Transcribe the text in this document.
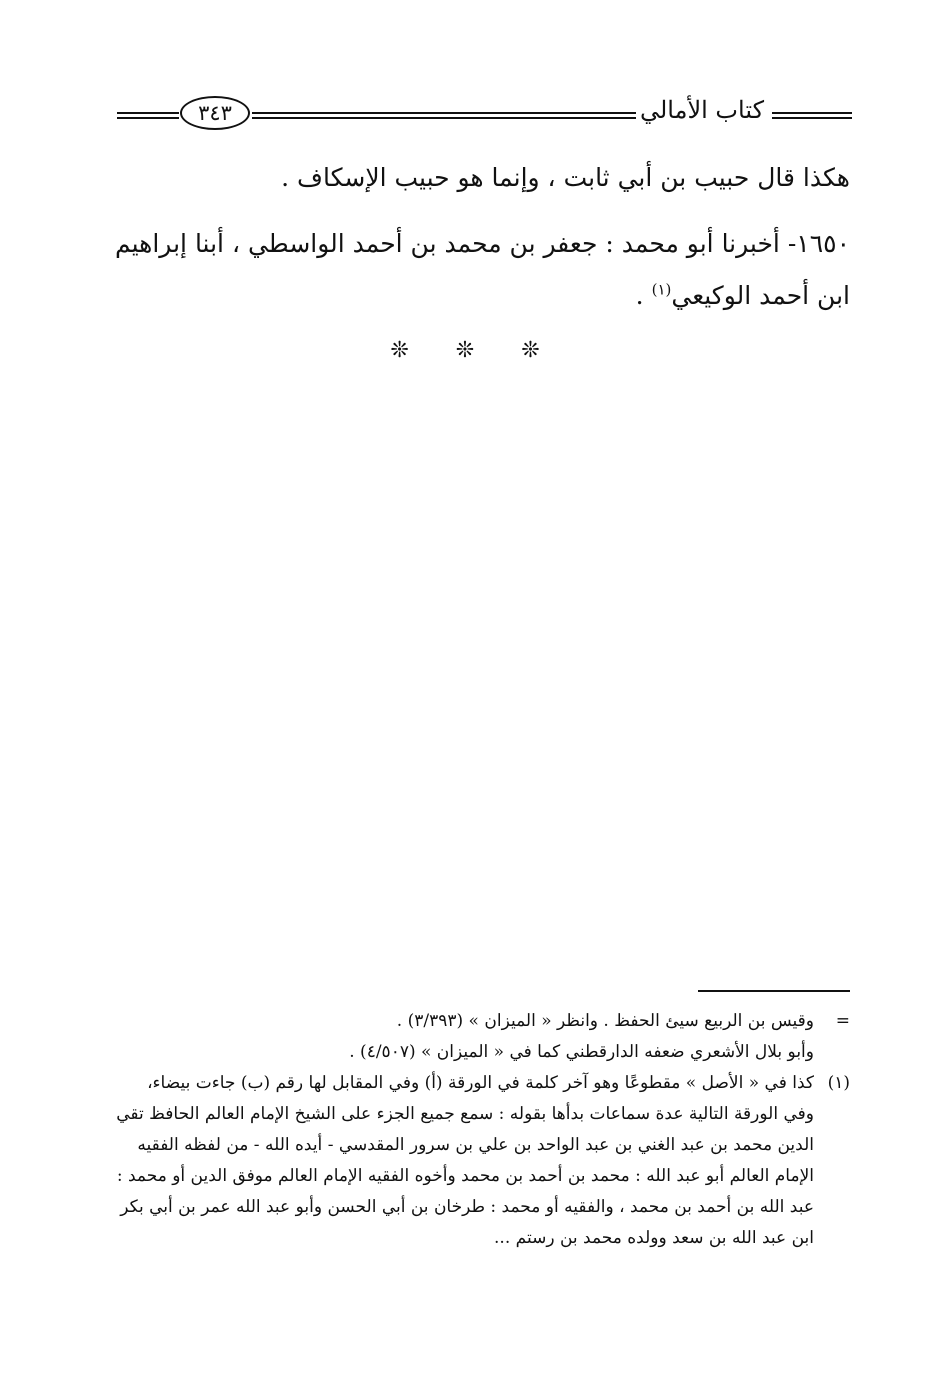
كتاب الأمالي
٣٤٣
هكذا قال حبيب بن أبي ثابت ، وإنما هو حبيب الإسكاف .
١٦٥٠- أخبرنا أبو محمد : جعفر بن محمد بن أحمد الواسطي ، أبنا إبراهيم
ابن أحمد الوكيعي$^{(١)}$ .
❊ ❊ ❊
=
وقيس بن الربيع سيئ الحفظ . وانظر « الميزان » (٣/٣٩٣) .
وأبو بلال الأشعري ضعفه الدارقطني كما في « الميزان » (٤/٥٠٧) .
(١)
كذا في « الأصل » مقطوعًا وهو آخر كلمة في الورقة (أ) وفي المقابل لها رقم (ب) جاءت بيضاء،
وفي الورقة التالية عدة سماعات بدأها بقوله : سمع جميع الجزء على الشيخ الإمام العالم الحافظ تقي
الدين محمد بن عبد الغني بن عبد الواحد بن علي بن سرور المقدسي - أيده الله - من لفظه الفقيه
الإمام العالم أبو عبد الله : محمد بن أحمد بن محمد وأخوه الفقيه الإمام العالم موفق الدين أو محمد :
عبد الله بن أحمد بن محمد ، والفقيه أو محمد : طرخان بن أبي الحسن وأبو عبد الله عمر بن أبي بكر
ابن عبد الله بن سعد وولده محمد بن رستم ...
